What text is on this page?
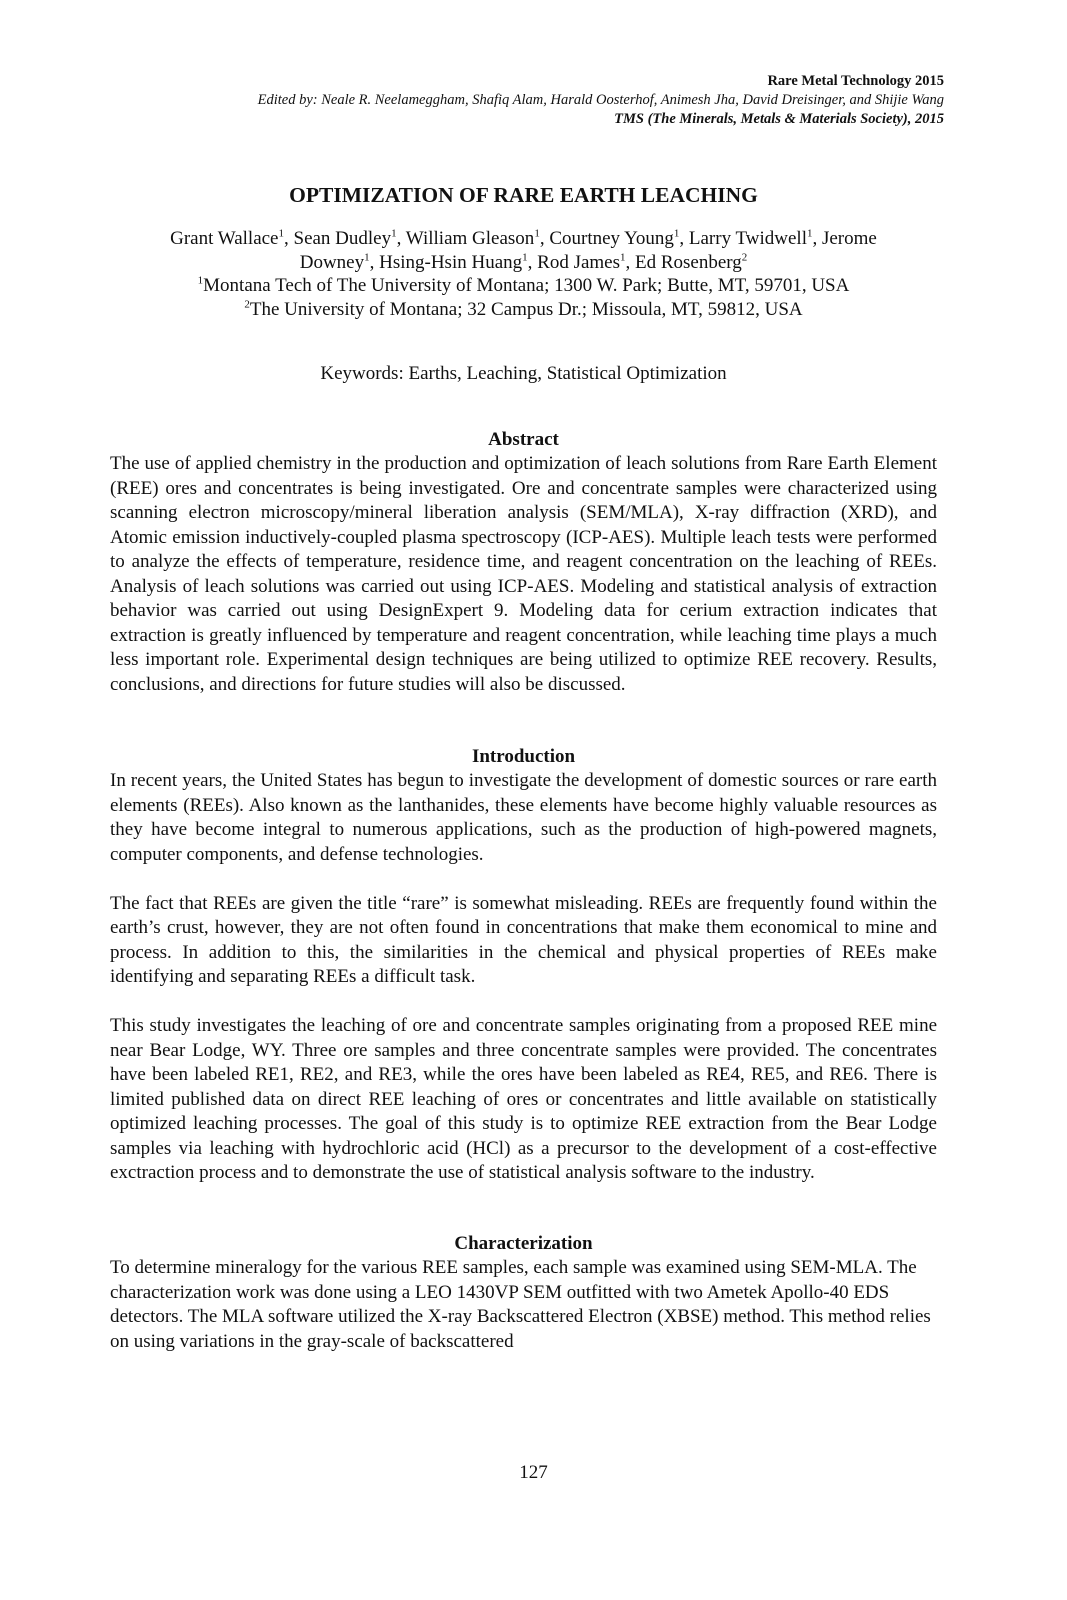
Rare Metal Technology 2015
Edited by: Neale R. Neelameggham, Shafiq Alam, Harald Oosterhof, Animesh Jha, David Dreisinger, and Shijie Wang
TMS (The Minerals, Metals & Materials Society), 2015
OPTIMIZATION OF RARE EARTH LEACHING

Grant Wallace$^1$, Sean Dudley$^1$, William Gleason$^1$, Courtney Young$^1$, Larry Twidwell$^1$, Jerome
Downey$^1$, Hsing-Hsin Huang$^1$, Rod James$^1$, Ed Rosenberg$^2$

$^1$Montana Tech of The University of Montana; 1300 W. Park; Butte, MT, 59701, USA

$^2$The University of Montana; 32 Campus Dr.; Missoula, MT, 59812, USA

Keywords: Earths, Leaching, Statistical Optimization
Abstract

The use of applied chemistry in the production and optimization of leach solutions from Rare Earth Element (REE) ores and concentrates is being investigated. Ore and concentrate samples were characterized using scanning electron microscopy/mineral liberation analysis (SEM/MLA), X-ray diffraction (XRD), and Atomic emission inductively-coupled plasma spectroscopy (ICP-AES). Multiple leach tests were performed to analyze the effects of temperature, residence time, and reagent concentration on the leaching of REEs. Analysis of leach solutions was carried out using ICP-AES. Modeling and statistical analysis of extraction behavior was carried out using DesignExpert 9. Modeling data for cerium extraction indicates that extraction is greatly influenced by temperature and reagent concentration, while leaching time plays a much less important role. Experimental design techniques are being utilized to optimize REE recovery. Results, conclusions, and directions for future studies will also be discussed.

Introduction

In recent years, the United States has begun to investigate the development of domestic sources or rare earth elements (REEs). Also known as the lanthanides, these elements have become highly valuable resources as they have become integral to numerous applications, such as the production of high-powered magnets, computer components, and defense technologies.

The fact that REEs are given the title “rare” is somewhat misleading. REEs are frequently found within the earth’s crust, however, they are not often found in concentrations that make them economical to mine and process. In addition to this, the similarities in the chemical and physical properties of REEs make identifying and separating REEs a difficult task.

This study investigates the leaching of ore and concentrate samples originating from a proposed REE mine near Bear Lodge, WY. Three ore samples and three concentrate samples were provided. The concentrates have been labeled RE1, RE2, and RE3, while the ores have been labeled as RE4, RE5, and RE6. There is limited published data on direct REE leaching of ores or concentrates and little available on statistically optimized leaching processes. The goal of this study is to optimize REE extraction from the Bear Lodge samples via leaching with hydrochloric acid (HCl) as a precursor to the development of a cost-effective exctraction process and to demonstrate the use of statistical analysis software to the industry.

Characterization

To determine mineralogy for the various REE samples, each sample was examined using SEM-MLA. The characterization work was done using a LEO 1430VP SEM outfitted with two Ametek Apollo-40 EDS detectors. The MLA software utilized the X-ray Backscattered Electron (XBSE) method. This method relies on using variations in the gray-scale of backscattered

127
